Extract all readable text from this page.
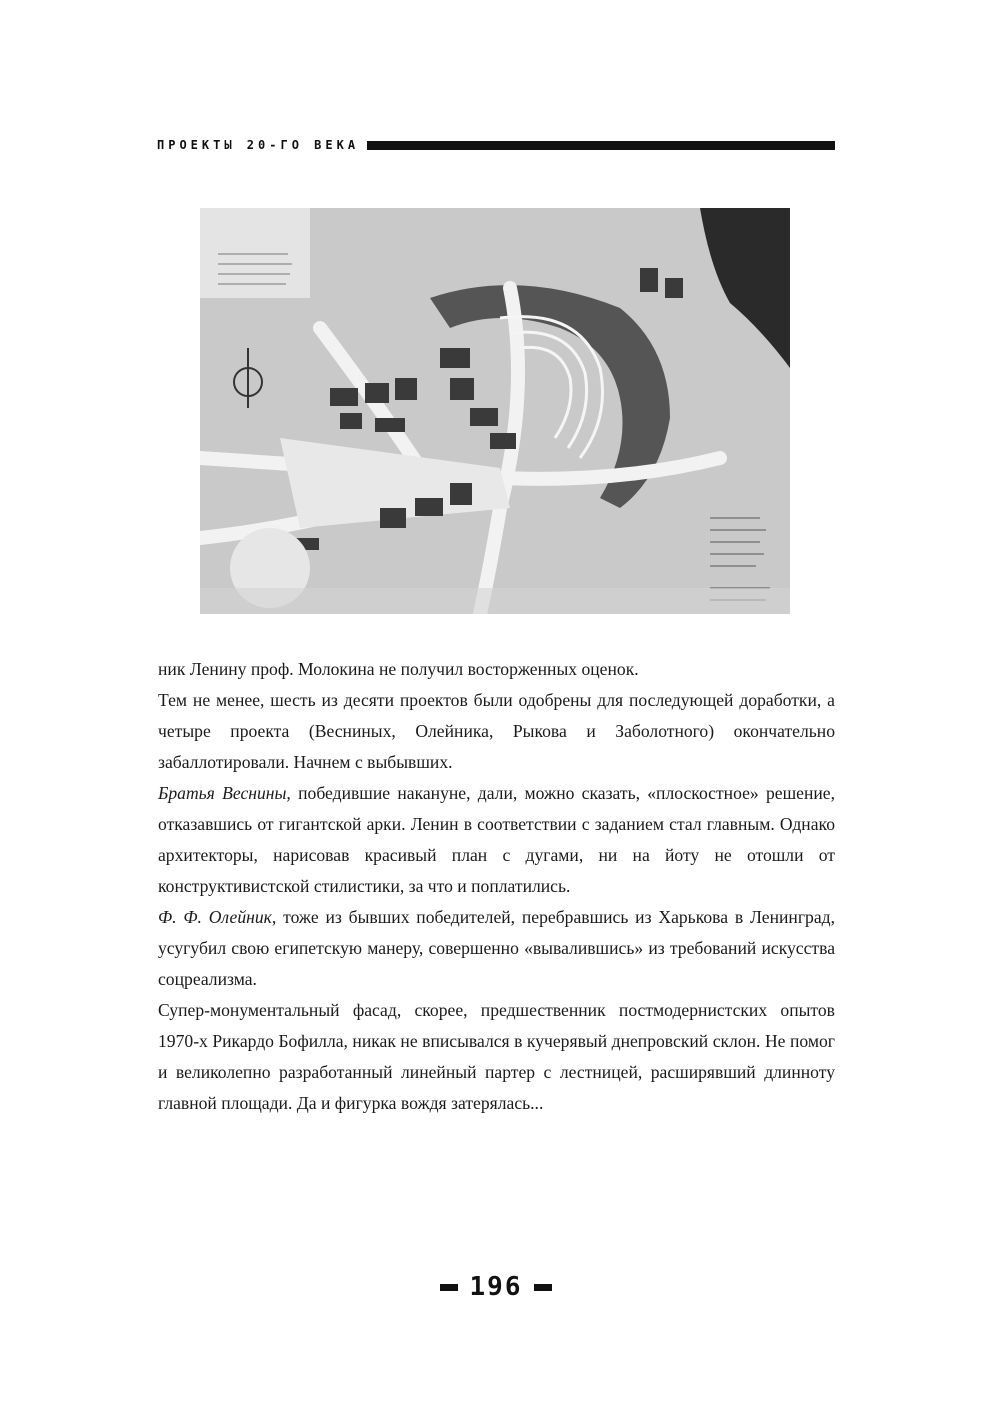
ПРОЕКТЫ 20-ГО ВЕКА

ник Ленину проф. Молокина не получил восторженных оценок.

Тем не менее, шесть из десяти проектов были одобрены для последующей доработки, а четыре проекта (Весниных, Олейника, Рыкова и Заболотного) окончательно забаллотировали. Начнем с выбывших.

Братья Веснины, победившие накануне, дали, можно сказать, «плоскостное» решение, отказавшись от гигантской арки. Ленин в соответствии с заданием стал главным. Однако архитекторы, нарисовав красивый план с дугами, ни на йоту не отошли от конструктивистской стилистики, за что и поплатились.

Ф. Ф. Олейник, тоже из бывших победителей, перебравшись из Харькова в Ленинград, усугубил свою египетскую манеру, совершенно «вывалившись» из требований искусства соцреализма.

Супер-монументальный фасад, скорее, предшественник постмодернистских опытов 1970-х Рикардо Бофилла, никак не вписывался в кучерявый днепровский склон. Не помог и великолепно разработанный линейный партер с лестницей, расширявший длинноту главной площади. Да и фигурка вождя затерялась...

196
